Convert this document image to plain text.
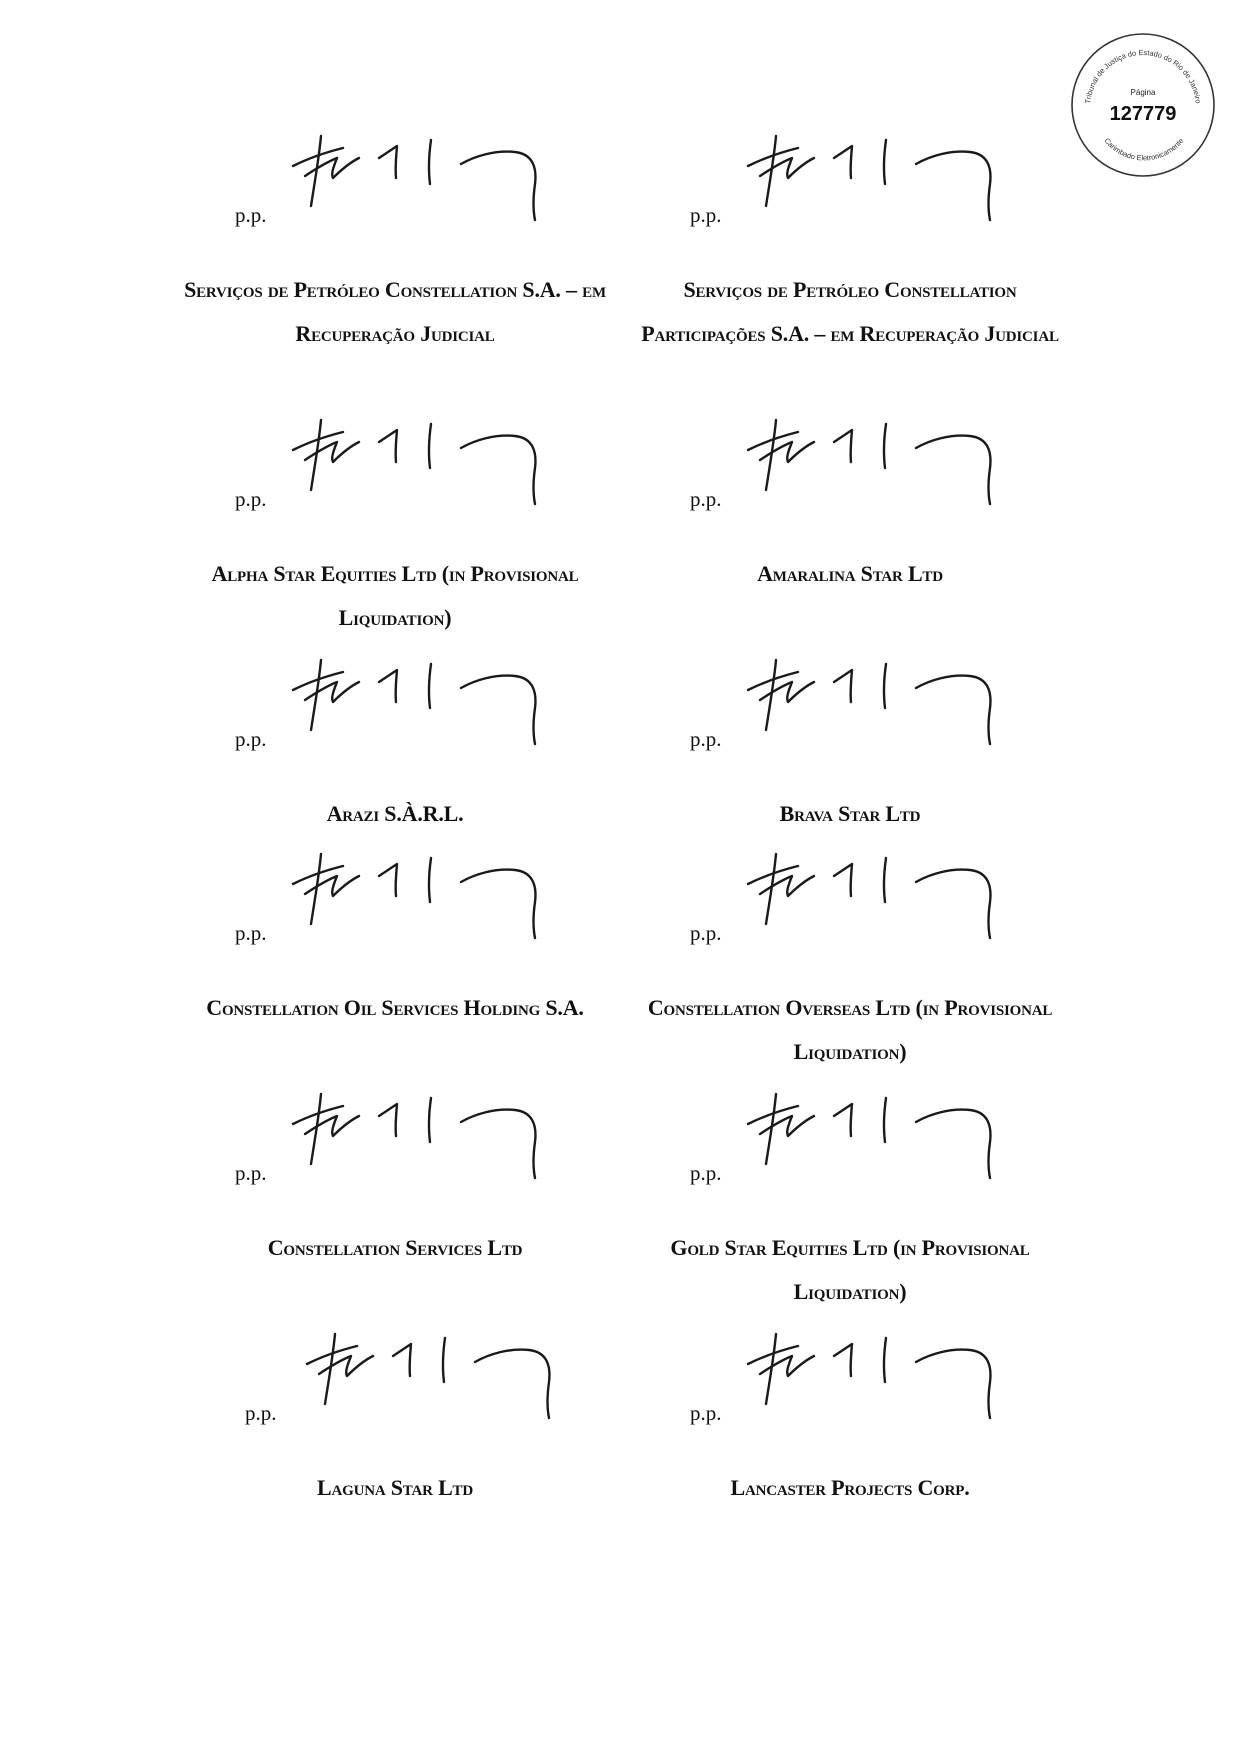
Tribunal de Justiça do Estado do Rio de Janeiro
Carimbado Eletronicamente
Página
127779
p.p.
Serviços de Petróleo Constellation S.A. – em Recuperação Judicial
p.p.
Serviços de Petróleo Constellation Participações S.A. – em Recuperação Judicial
p.p.
Alpha Star Equities Ltd (in Provisional Liquidation)
p.p.
Amaralina Star Ltd
p.p.
Arazi S.À.R.L.
p.p.
Brava Star Ltd
p.p.
Constellation Oil Services Holding S.A.
p.p.
Constellation Overseas Ltd (in Provisional Liquidation)
p.p.
Constellation Services Ltd
p.p.
Gold Star Equities Ltd (in Provisional Liquidation)
p.p.
Laguna Star Ltd
p.p.
Lancaster Projects Corp.
